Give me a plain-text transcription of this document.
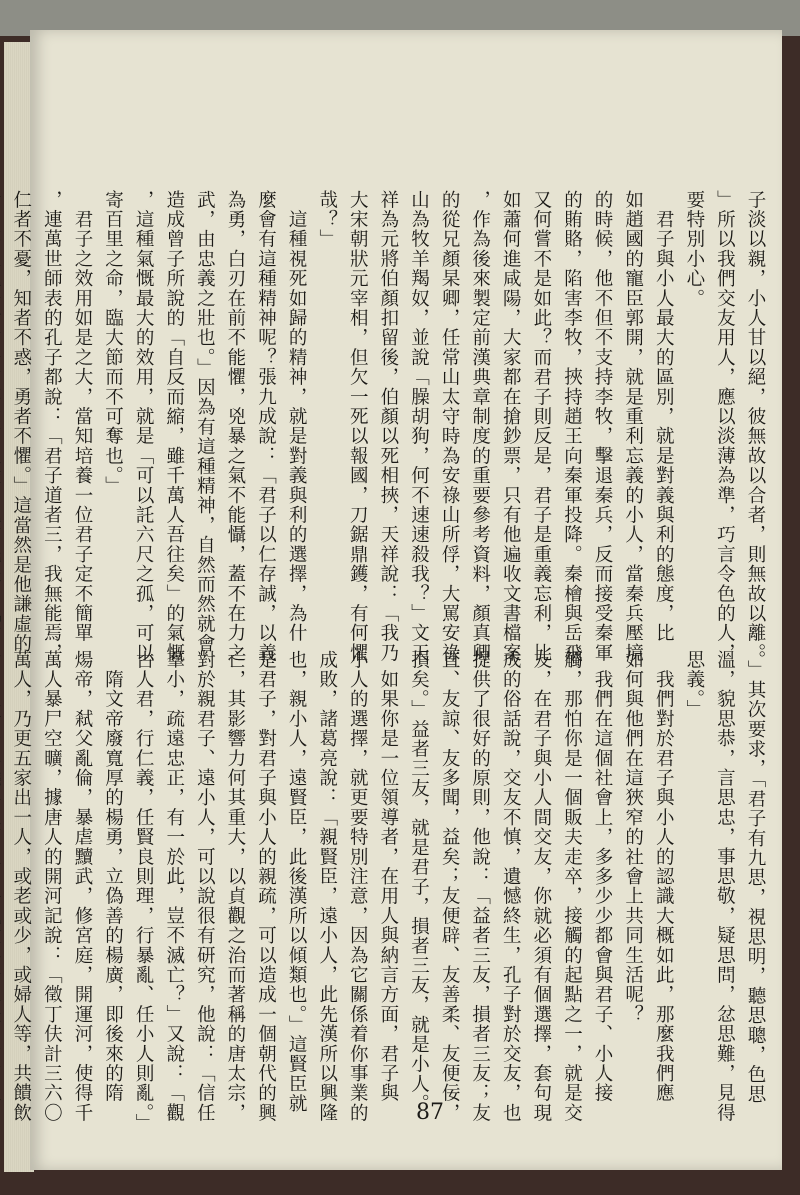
子淡以親，小人甘以絕，彼無故以合者，則無故以離。
」所以我們交友用人，應以淡薄為準，巧言令色的人，
要特別小心。
　君子與小人最大的區別，就是對義與利的態度，比
如趙國的寵臣郭開，就是重利忘義的小人，當秦兵壓境
的時候，他不但不支持李牧，擊退秦兵，反而接受秦軍
的賄賂，陷害李牧，挾持趙王向秦軍投降。秦檜與岳飛
又何嘗不是如此？而君子則反是，君子是重義忘利，比
如蕭何進咸陽，大家都在搶鈔票，只有他遍收文書檔案
，作為後來製定前漢典章制度的重要參考資料，顏真卿
的從兄顏杲卿，任常山太守時為安祿山所俘，大罵安祿
山為牧羊羯奴，並說「臊胡狗，何不速速殺我？」文天
祥為元將伯顏扣留後，伯顏以死相挾，天祥說：「我乃
大宋朝狀元宰相，但欠一死以報國，刀鋸鼎鑊，有何懼
哉？」
　這種視死如歸的精神，就是對義與利的選擇，為什
麼會有這種精神呢？張九成說：「君子以仁存誠，以義
為勇，白刃在前不能懼，兇暴之氣不能懾，蓋不在力之
武，由忠義之壯也。」因為有這種精神，自然而然就會
造成曾子所說的「自反而縮，雖千萬人吾往矣」的氣慨
，這種氣慨最大的效用，就是「可以託六尺之孤，可以
寄百里之命，臨大節而不可奪也。」
　君子之效用如是之大，當知培養一位君子定不簡單
，連萬世師表的孔子都說：「君子道者三，我無能焉，
仁者不憂，知者不惑，勇者不懼。」這當然是他謙虛的

。」其次要求，「君子有九思，視思明，聽思聰，色思
溫，貌思恭，言思忠，事思敬，疑思問，忿思難，見得
思義。」
　我們對於君子與小人的認識大概如此，那麼我們應
如何與他們在這狹窄的社會上共同生活呢？
　我們在這個社會上，多多少少都會與君子、小人接
觸，那怕你是一個販夫走卒，接觸的起點之一，就是交
友，在君子與小人間交友，你就必須有個選擇，套句現
成的俗話說，交友不慎，遺憾終生，孔子對於交友，也
提供了很好的原則，他說：「益者三友，損者三友；友
直、友諒、友多聞，益矣；友便辟、友善柔、友便佞，
損矣。」益者三友，就是君子，損者三友，就是小人。
　如果你是一位領導者，在用人與納言方面，君子與
小人的選擇，就更要特別注意，因為它關係着你事業的
成敗，諸葛亮說：「親賢臣，遠小人，此先漢所以興隆
也，親小人，遠賢臣，此後漢所以傾類也。」這賢臣就
是君子，對君子與小人的親疏，可以造成一個朝代的興
亡，其影響力何其重大，以貞觀之治而著稱的唐太宗，
對於親君子、遠小人，可以說很有研究，他說：「信任
羣小，疏遠忠正，有一於此，豈不滅亡？」又說：「觀
古人君，行仁義，任賢良則理，行暴亂、任小人則亂。」
　隋文帝廢寬厚的楊勇，立偽善的楊廣，即後來的隋
煬帝，弒父亂倫，暴虐黷武，修宮庭，開運河，使得千
萬人暴尸空曠，據唐人的開河記說：「徵丁伕計三六〇
萬人，乃更五家出一人，或老或少，或婦人等，共饋飲	87
